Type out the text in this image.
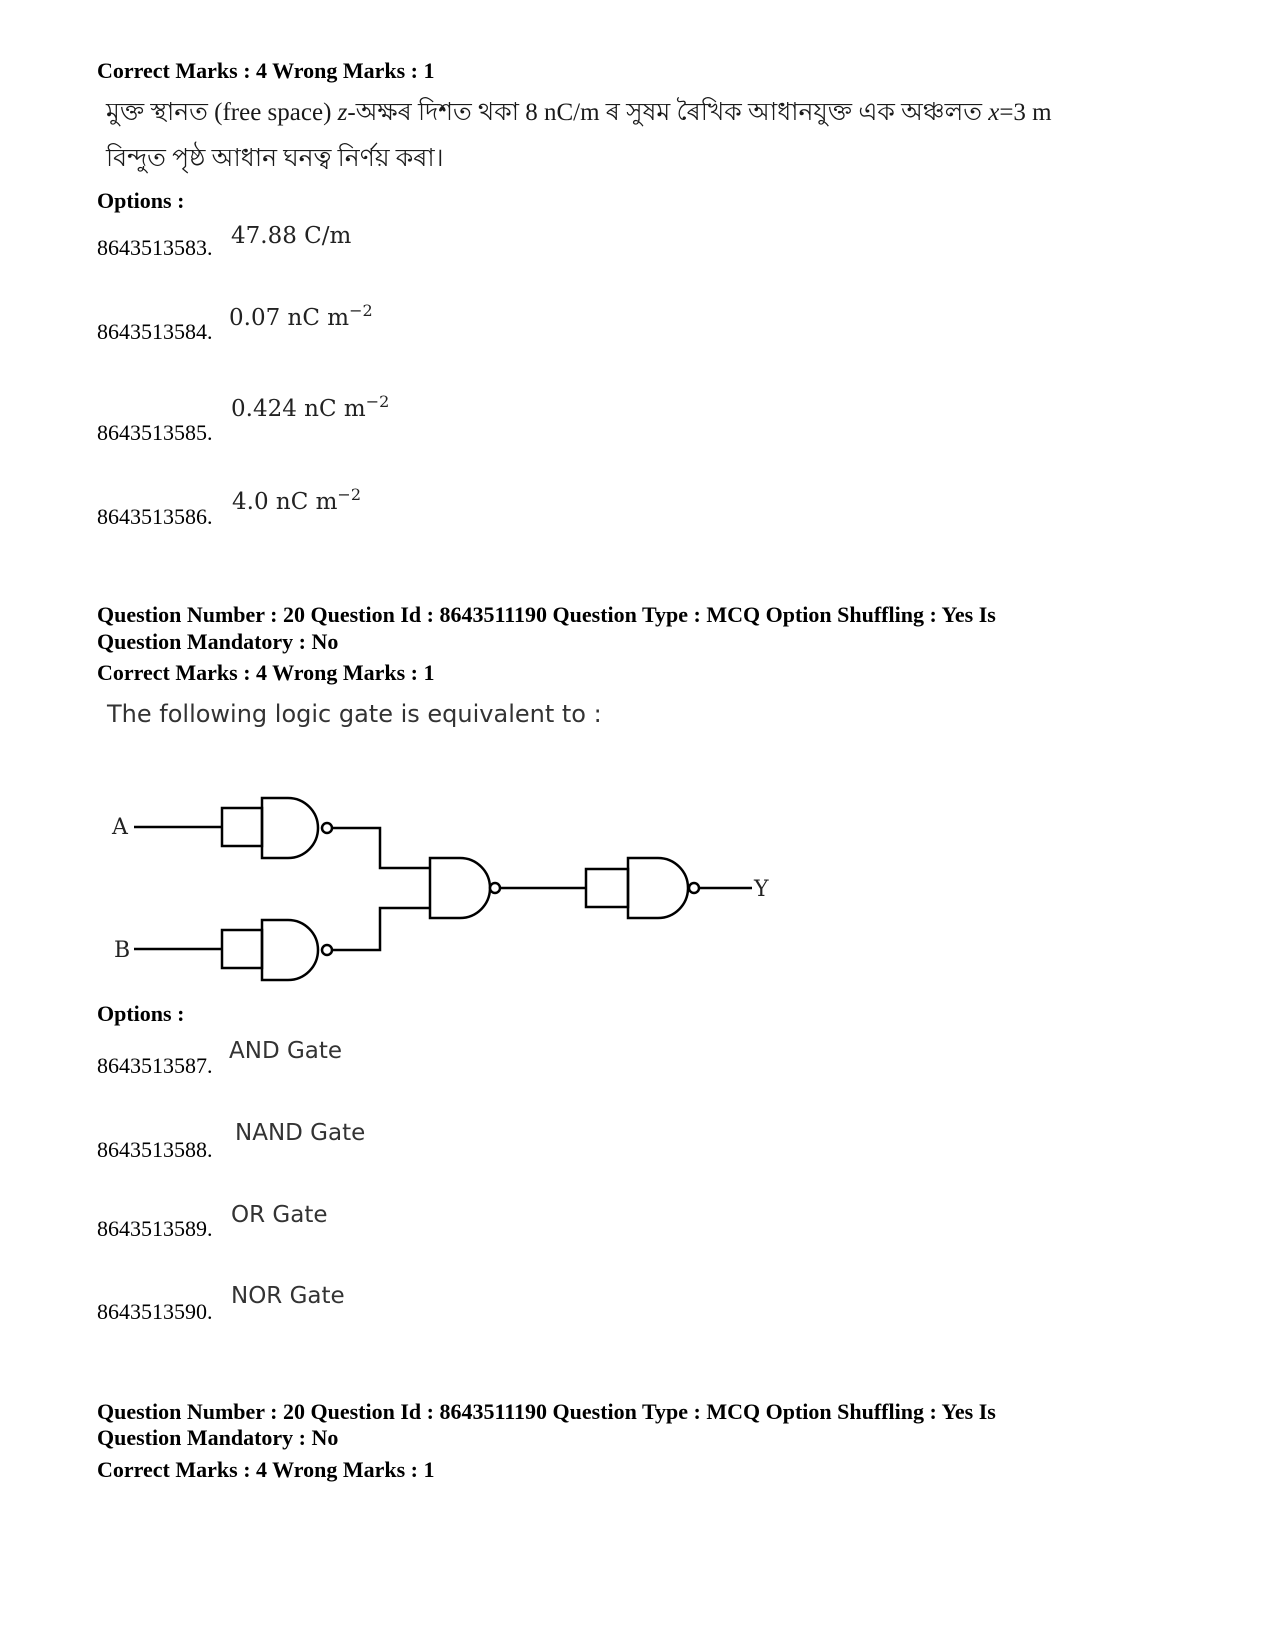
Correct Marks : 4 Wrong Marks : 1
মুক্ত স্থানত (free space) z-অক্ষৰ দিশত থকা 8 nC/m ৰ সুষম ৰৈখিক আধানযুক্ত এক অঞ্চলত x=3 m
বিন্দুত পৃষ্ঠ আধান ঘনত্ব নিৰ্ণয় কৰা।
Options :
8643513583. 47.88 C/m
8643513584.
0.07 nC $m^{-2}$
8643513585.
0.424 nC $m^{-2}$
8643513586.
4.0 nC $m^{-2}$
Question Number : 20 Question Id : 8643511190 Question Type : MCQ Option Shuffling : Yes Is
Question Mandatory : No
Correct Marks : 4 Wrong Marks : 1
The following logic gate is equivalent to :
A
B
Y
Options :
8643513587.
AND Gate
8643513588.
NAND Gate
8643513589.
OR Gate
8643513590.
NOR Gate
Question Number : 20 Question Id : 8643511190 Question Type : MCQ Option Shuffling : Yes Is
Question Mandatory : No
Correct Marks : 4 Wrong Marks : 1
